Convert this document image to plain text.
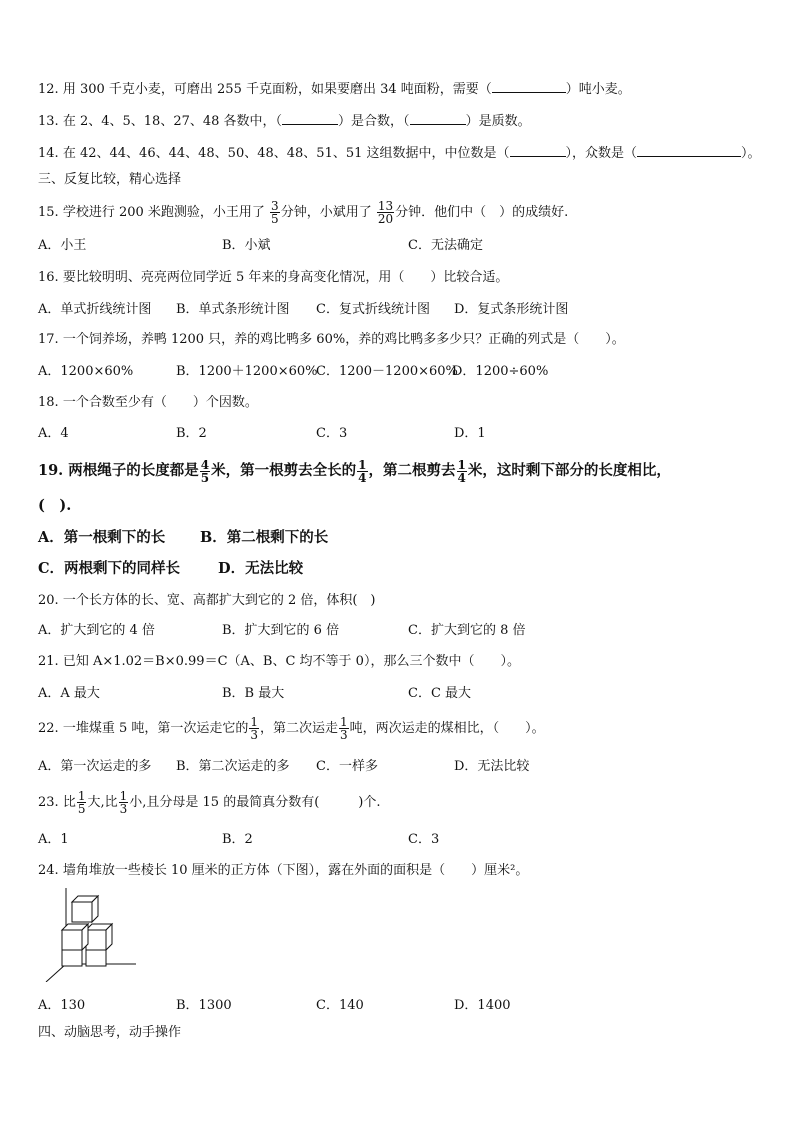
12. 用 300 千克小麦，可磨出 255 千克面粉，如果要磨出 34 吨面粉，需要（	）吨小麦。
13. 在 2、4、5、18、27、48 各数中，（	）是合数，（	）是质数。
14. 在 42、44、46、44、48、50、48、48、51、51 这组数据中，中位数是（	），众数是（	）。
三、反复比较，精心选择
15. 学校进行 200 米跑测验，小王用了 $\frac{3}{5}$ 分钟，小斌用了 $\frac{13}{20}$ 分钟．他们中（　）的成绩好.
A．小王	B．小斌	C．无法确定
16. 要比较明明、亮亮两位同学近 5 年来的身高变化情况，用（　　）比较合适。
A．单式折线统计图 B．单式条形统计图 C．复式折线统计图 D．复式条形统计图
17. 一个饲养场，养鸭 1200 只，养的鸡比鸭多 60%，养的鸡比鸭多多少只？正确的列式是（　　）。
A．1200×60%	B．1200＋1200×60%
C．1200－1200×60%
D．1200÷60%
18. 一个合数至少有（　　）个因数。
A．4	B．2	C．3	D．1
19. 两根绳子的长度都是 $\frac{4}{5}$ 米，第一根剪去全长的 $\frac{1}{4}$ ，第二根剪去 $\frac{1}{4}$ 米，这时剩下部分的长度相比，
(　).
A．第一根剩下的长 B．第二根剩下的长
C．两根剩下的同样长	D．无法比较
20. 一个长方体的长、宽、高都扩大到它的 2 倍，体积(　)
A．扩大到它的 4 倍	B．扩大到它的 6 倍	C．扩大到它的 8 倍
21. 已知 A×1.02＝B×0.99＝C（A、B、C 均不等于 0），那么三个数中（　　）。
A．A 最大	B．B 最大	C．C 最大
22. 一堆煤重 5 吨，第一次运走它的 $\frac{1}{3}$ ，第二次运走 $\frac{1}{3}$ 吨，两次运走的煤相比，（　　）。
A．第一次运走的多 B．第二次运走的多 C．一样多	D．无法比较
23. 比 $\frac{1}{5}$ 大,比 $\frac{1}{3}$ 小,且分母是 15 的最简真分数有(　　　)个.
A．1	B．2	C．3
24. 墙角堆放一些棱长 10 厘米的正方体（下图），露在外面的面积是（　　）厘米²。
A．130	B．1300	C．140	D．1400
四、动脑思考，动手操作
